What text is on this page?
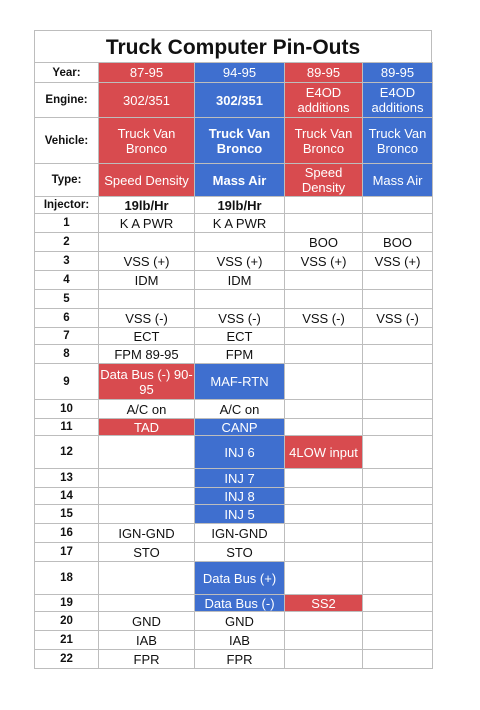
Truck Computer Pin-Outs
Year:	87-95	94-95	89-95	89-95
Engine:	302/351	302/351	E4OD additions	E4OD additions
Vehicle:	Truck Van Bronco	Truck Van Bronco	Truck Van Bronco	Truck Van Bronco
Type:	Speed Density	Mass Air	Speed Density	Mass Air
Injector:	19lb/Hr	19lb/Hr		
1	K A PWR	K A PWR		
2			BOO	BOO
3	VSS (+)	VSS (+)	VSS (+)	VSS (+)
4	IDM	IDM		
5				
6	VSS (-)	VSS (-)	VSS (-)	VSS (-)
7	ECT	ECT		
8	FPM 89-95	FPM		
9	Data Bus (-) 90-95	MAF-RTN		
10	A/C on	A/C on		
11	TAD	CANP		
12		INJ 6	4LOW input	
13		INJ 7		
14		INJ 8		
15		INJ 5		
16	IGN-GND	IGN-GND		
17	STO	STO		
18		Data Bus (+)		
19		Data Bus (-)	SS2	
20	GND	GND		
21	IAB	IAB		
22	FPR	FPR		
